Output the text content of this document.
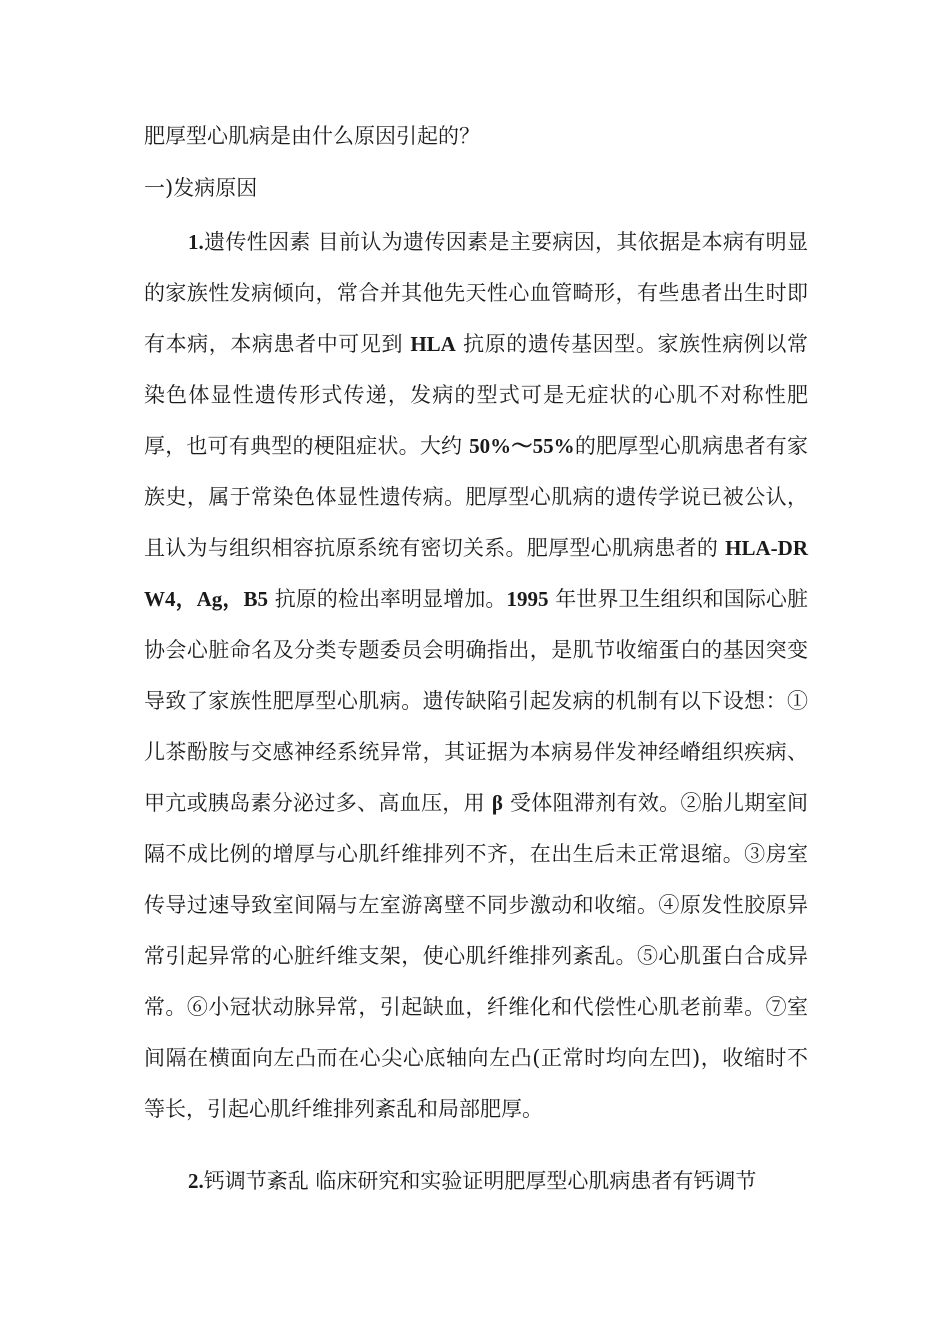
肥厚型心肌病是由什么原因引起的？
一)发病原因

1.遗传性因素 目前认为遗传因素是主要病因，其依据是本病有明显的家族性发病倾向，常合并其他先天性心血管畸形，有些患者出生时即有本病，本病患者中可见到 HLA 抗原的遗传基因型。家族性病例以常染色体显性遗传形式传递，发病的型式可是无症状的心肌不对称性肥厚，也可有典型的梗阻症状。大约 50%～55%的肥厚型心肌病患者有家族史，属于常染色体显性遗传病。肥厚型心肌病的遗传学说已被公认，且认为与组织相容抗原系统有密切关系。肥厚型心肌病患者的 HLA-DRW4，Ag，B5 抗原的检出率明显增加。1995 年世界卫生组织和国际心脏协会心脏命名及分类专题委员会明确指出，是肌节收缩蛋白的基因突变导致了家族性肥厚型心肌病。遗传缺陷引起发病的机制有以下设想：①儿茶酚胺与交感神经系统异常，其证据为本病易伴发神经嵴组织疾病、甲亢或胰岛素分泌过多、高血压，用 β 受体阻滞剂有效。②胎儿期室间隔不成比例的增厚与心肌纤维排列不齐，在出生后未正常退缩。③房室传导过速导致室间隔与左室游离壁不同步激动和收缩。④原发性胶原异常引起异常的心脏纤维支架，使心肌纤维排列紊乱。⑤心肌蛋白合成异常。⑥小冠状动脉异常，引起缺血，纤维化和代偿性心肌老前辈。⑦室间隔在横面向左凸而在心尖心底轴向左凸(正常时均向左凹)，收缩时不等长，引起心肌纤维排列紊乱和局部肥厚。

2.钙调节紊乱 临床研究和实验证明肥厚型心肌病患者有钙调节
